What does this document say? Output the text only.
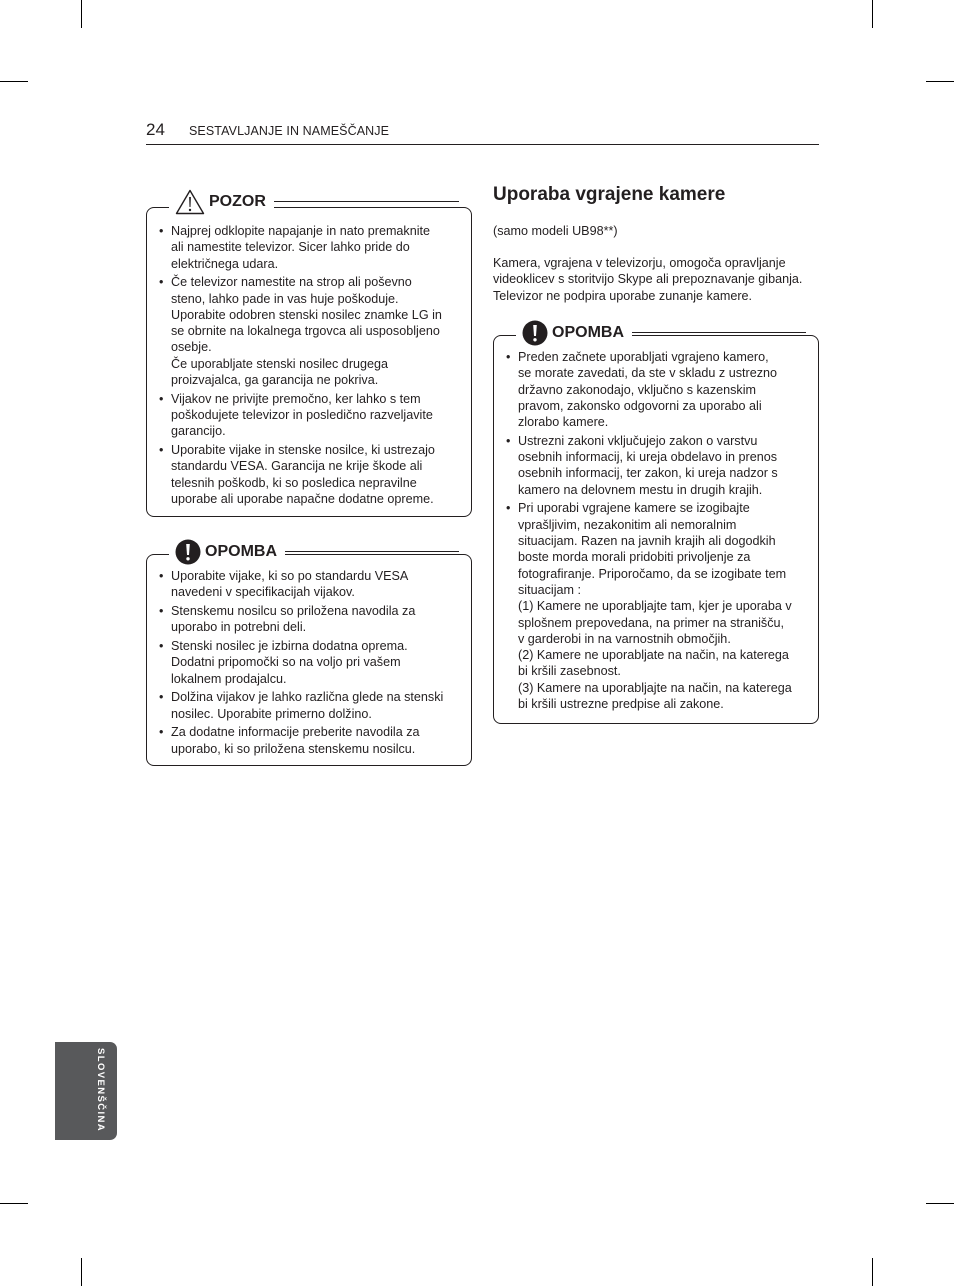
24 SESTAVLJANJE IN NAMEŠČANJE
POZOR
• Najprej odklopite napajanje in nato premaknite
ali namestite televizor. Sicer lahko pride do
električnega udara.
• Če televizor namestite na strop ali poševno
steno, lahko pade in vas huje poškoduje.
Uporabite odobren stenski nosilec znamke LG in
se obrnite na lokalnega trgovca ali usposobljeno
osebje.
Če uporabljate stenski nosilec drugega
proizvajalca, ga garancija ne pokriva.
• Vijakov ne privijte premočno, ker lahko s tem
poškodujete televizor in posledično razveljavite
garancijo.
• Uporabite vijake in stenske nosilce, ki ustrezajo
standardu VESA. Garancija ne krije škode ali
telesnih poškodb, ki so posledica nepravilne
uporabe ali uporabe napačne dodatne opreme.
OPOMBA
• Uporabite vijake, ki so po standardu VESA
navedeni v specifikacijah vijakov.
• Stenskemu nosilcu so priložena navodila za
uporabo in potrebni deli.
• Stenski nosilec je izbirna dodatna oprema.
Dodatni pripomočki so na voljo pri vašem
lokalnem prodajalcu.
• Dolžina vijakov je lahko različna glede na stenski
nosilec. Uporabite primerno dolžino.
• Za dodatne informacije preberite navodila za
uporabo, ki so priložena stenskemu nosilcu.
Uporaba vgrajene kamere
(samo modeli UB98**)
Kamera, vgrajena v televizorju, omogoča opravljanje
videoklicev s storitvijo Skype ali prepoznavanje gibanja.
Televizor ne podpira uporabe zunanje kamere.
OPOMBA
• Preden začnete uporabljati vgrajeno kamero,
se morate zavedati, da ste v skladu z ustrezno
državno zakonodajo, vključno s kazenskim
pravom, zakonsko odgovorni za uporabo ali
zlorabo kamere.
• Ustrezni zakoni vključujejo zakon o varstvu
osebnih informacij, ki ureja obdelavo in prenos
osebnih informacij, ter zakon, ki ureja nadzor s
kamero na delovnem mestu in drugih krajih.
• Pri uporabi vgrajene kamere se izogibajte
vprašljivim, nezakonitim ali nemoralnim
situacijam. Razen na javnih krajih ali dogodkih
boste morda morali pridobiti privoljenje za
fotografiranje. Priporočamo, da se izogibate tem
situacijam :
(1) Kamere ne uporabljajte tam, kjer je uporaba v
splošnem prepovedana, na primer na stranišču,
v garderobi in na varnostnih območjih.
(2) Kamere ne uporabljate na način, na katerega
bi kršili zasebnost.
(3) Kamere na uporabljajte na način, na katerega
bi kršili ustrezne predpise ali zakone.
SLOVENŠČINA
